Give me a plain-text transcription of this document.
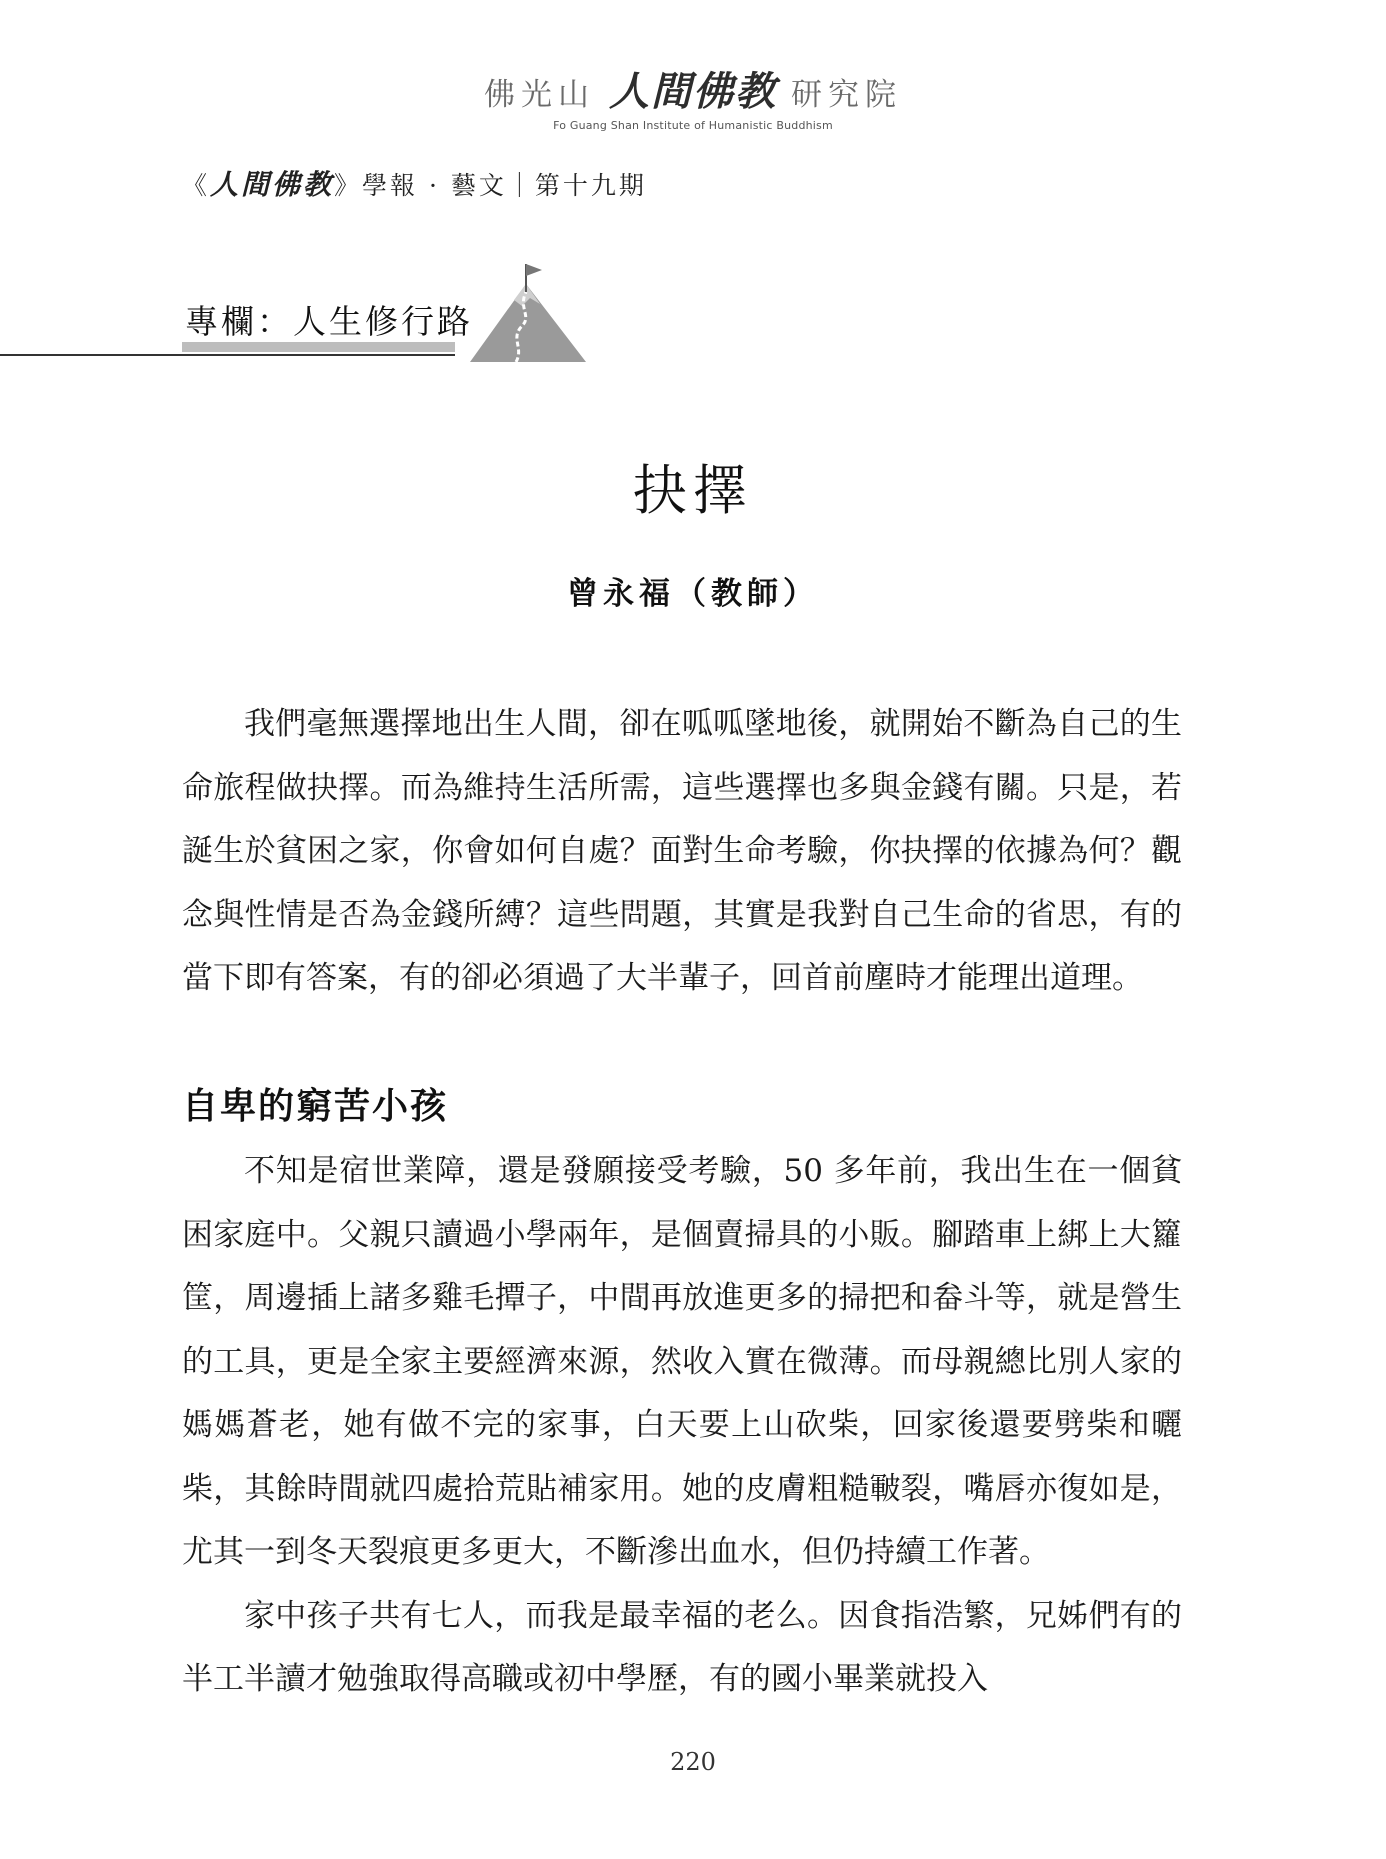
佛光山 人間佛教 研究院
Fo Guang Shan Institute of Humanistic Buddhism
《人間佛教》學報 · 藝文｜第十九期
專欄：人生修行路
抉擇
曾永福（教師）

我們毫無選擇地出生人間，卻在呱呱墜地後，就開始不斷為自己的生命旅程做抉擇。而為維持生活所需，這些選擇也多與金錢有關。只是，若誕生於貧困之家，你會如何自處？面對生命考驗，你抉擇的依據為何？觀念與性情是否為金錢所縛？這些問題，其實是我對自己生命的省思，有的當下即有答案，有的卻必須過了大半輩子，回首前塵時才能理出道理。

自卑的窮苦小孩

不知是宿世業障，還是發願接受考驗，50 多年前，我出生在一個貧困家庭中。父親只讀過小學兩年，是個賣掃具的小販。腳踏車上綁上大籮筐，周邊插上諸多雞毛撢子，中間再放進更多的掃把和畚斗等，就是營生的工具，更是全家主要經濟來源，然收入實在微薄。而母親總比別人家的媽媽蒼老，她有做不完的家事，白天要上山砍柴，回家後還要劈柴和曬柴，其餘時間就四處拾荒貼補家用。她的皮膚粗糙皸裂，嘴唇亦復如是，尤其一到冬天裂痕更多更大，不斷滲出血水，但仍持續工作著。

家中孩子共有七人，而我是最幸福的老么。因食指浩繁，兄姊們有的半工半讀才勉強取得高職或初中學歷，有的國小畢業就投入

220
